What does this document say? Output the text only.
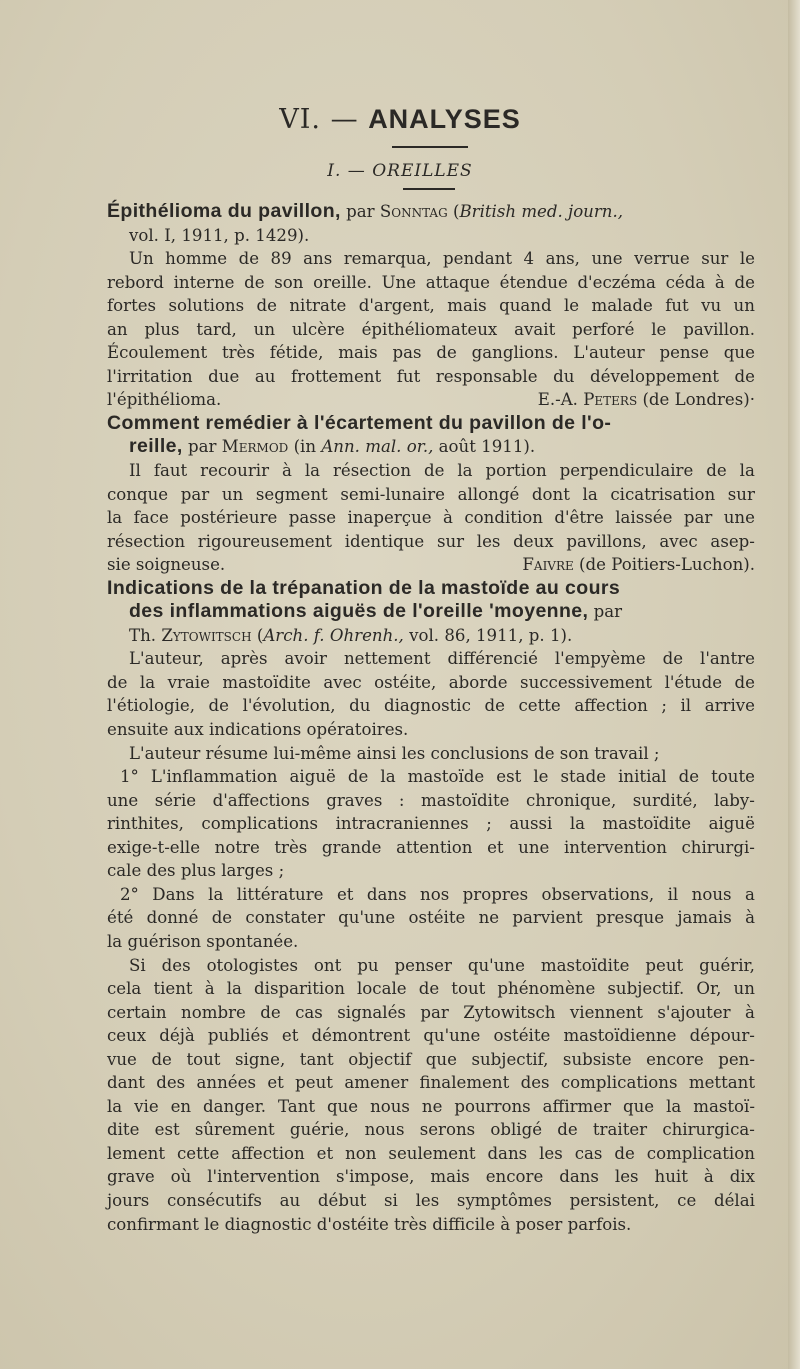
VI. — ANALYSES
I. — OREILLES
Épithélioma du pavillon, par Sonntag (British med. journ.,
vol. I, 1911, p. 1429).
Un homme de 89 ans remarqua, pendant 4 ans, une verrue sur le
rebord interne de son oreille. Une attaque étendue d'eczéma céda à de
fortes solutions de nitrate d'argent, mais quand le malade fut vu un
an plus tard, un ulcère épithéliomateux avait perforé le pavillon.
Écoulement très fétide, mais pas de ganglions. L'auteur pense que
l'irritation due au frottement fut responsable du développement de
l'épithélioma.	E.-A. Peters (de Londres)·
Comment remédier à l'écartement du pavillon de l'o-
reille, par Mermod (in Ann. mal. or., août 1911).
Il faut recourir à la résection de la portion perpendiculaire de la
conque par un segment semi-lunaire allongé dont la cicatrisation sur
la face postérieure passe inaperçue à condition d'être laissée par une
résection rigoureusement identique sur les deux pavillons, avec asep-
sie soigneuse.	Faivre (de Poitiers-Luchon).
Indications de la trépanation de la mastoïde au cours
des inflammations aiguës de l'oreille 'moyenne, par
Th. Zytowitsch (Arch. f. Ohrenh., vol. 86, 1911, p. 1).
L'auteur, après avoir nettement différencié l'empyème de l'antre
de la vraie mastoïdite avec ostéite, aborde successivement l'étude de
l'étiologie, de l'évolution, du diagnostic de cette affection ; il arrive
ensuite aux indications opératoires.
L'auteur résume lui-même ainsi les conclusions de son travail ;
1° L'inflammation aiguë de la mastoïde est le stade initial de toute
une série d'affections graves : mastoïdite chronique, surdité, laby-
rinthites, complications intracraniennes ; aussi la mastoïdite aiguë
exige-t-elle notre très grande attention et une intervention chirurgi-
cale des plus larges ;
2° Dans la littérature et dans nos propres observations, il nous a
été donné de constater qu'une ostéite ne parvient presque jamais à
la guérison spontanée.
Si des otologistes ont pu penser qu'une mastoïdite peut guérir,
cela tient à la disparition locale de tout phénomène subjectif. Or, un
certain nombre de cas signalés par Zytowitsch viennent s'ajouter à
ceux déjà publiés et démontrent qu'une ostéite mastoïdienne dépour-
vue de tout signe, tant objectif que subjectif, subsiste encore pen-
dant des années et peut amener finalement des complications mettant
la vie en danger. Tant que nous ne pourrons affirmer que la mastoï-
dite est sûrement guérie, nous serons obligé de traiter chirurgica-
lement cette affection et non seulement dans les cas de complication
grave où l'intervention s'impose, mais encore dans les huit à dix
jours consécutifs au début si les symptômes persistent, ce délai
confirmant le diagnostic d'ostéite très difficile à poser parfois.
